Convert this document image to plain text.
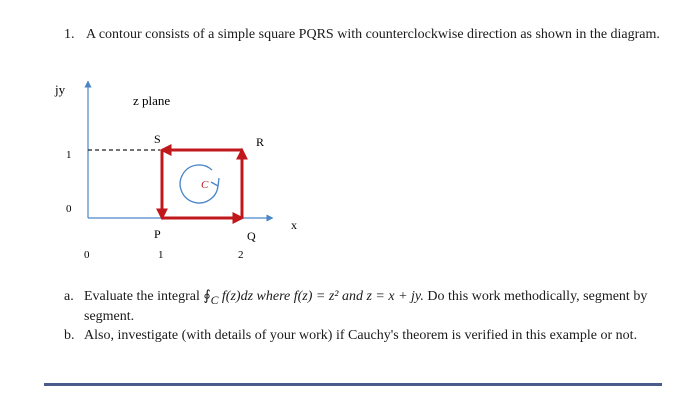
1. A contour consists of a simple square PQRS with counterclockwise direction as shown in the diagram.
jy
z plane
1
0
0	1	2
S	R
P	Q
x
C
a. Evaluate the integral $∮_C$ f(z)dz where f(z) = z² and z = x + jy. Do this work methodically, segment by segment.
b. Also, investigate (with details of your work) if Cauchy's theorem is verified in this example or not.
